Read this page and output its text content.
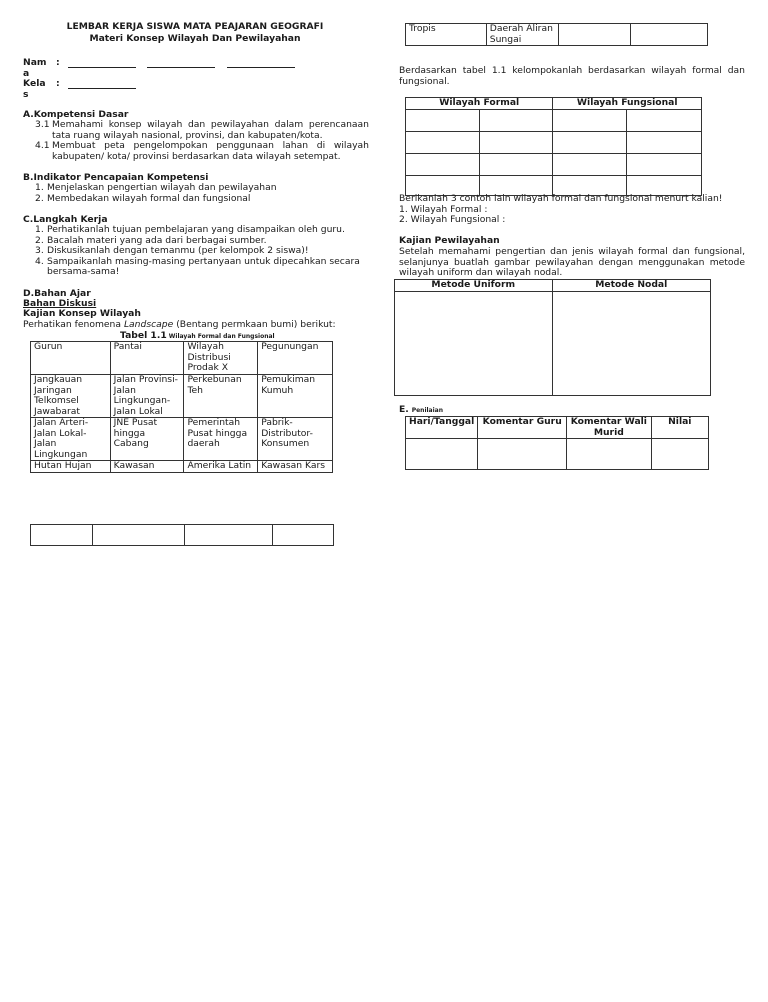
LEMBAR KERJA SISWA MATA PEAJARAN GEOGRAFI
Materi Konsep Wilayah Dan Pewilayahan
Nam
a
:
Kela
s
:
A.Kompetensi Dasar
3.1 Memahami konsep wilayah dan pewilayahan dalam perencanaan tata ruang wilayah nasional, provinsi, dan kabupaten/kota.
4.1 Membuat peta pengelompokan penggunaan lahan di wilayah kabupaten/ kota/ provinsi berdasarkan data wilayah setempat.
B.Indikator Pencapaian Kompetensi
1. Menjelaskan pengertian wilayah dan pewilayahan
2. Membedakan wilayah formal dan fungsional
C.Langkah Kerja
1. Perhatikanlah tujuan pembelajaran yang disampaikan oleh guru.
2. Bacalah materi yang ada dari berbagai sumber.
3. Diskusikanlah dengan temanmu (per kelompok 2 siswa)!
4. Sampaikanlah masing-masing pertanyaan untuk dipecahkan secara bersama-sama!
D.Bahan Ajar
Bahan Diskusi
Kajian Konsep Wilayah
Perhatikan fenomena Landscape (Bentang permkaan bumi) berikut:
Tabel 1.1 Wilayah Formal dan Fungsional
Gurun	Pantai	Wilayah Distribusi Prodak X	Pegunungan
Jangkauan Jaringan Telkomsel Jawabarat	Jalan Provinsi-Jalan Lingkungan-Jalan Lokal	Perkebunan Teh	Pemukiman Kumuh
Jalan Arteri-Jalan Lokal-Jalan Lingkungan	JNE Pusat hingga Cabang	Pemerintah Pusat hingga daerah	Pabrik-Distributor-Konsumen
Hutan Hujan	Kawasan	Amerika Latin	Kawasan Kars

Tropis	Daerah Aliran Sungai		
Berdasarkan tabel 1.1 kelompokanlah berdasarkan wilayah formal dan fungsional.
Wilayah Formal		Wilayah Fungsional	

Berikanlah 3 contoh lain wilayah formal dan fungsional menurt kalian!
1. Wilayah Formal :
2. Wilayah Fungsional :
Kajian Pewilayahan
Setelah memahami pengertian dan jenis wilayah formal dan fungsional, selanjunya buatlah gambar pewilayahan dengan menggunakan metode wilayah uniform dan wilayah nodal.
Metode Uniform	Metode Nodal

E. Penilaian
Hari/Tanggal	Komentar Guru	Komentar Wali Murid	Nilai
